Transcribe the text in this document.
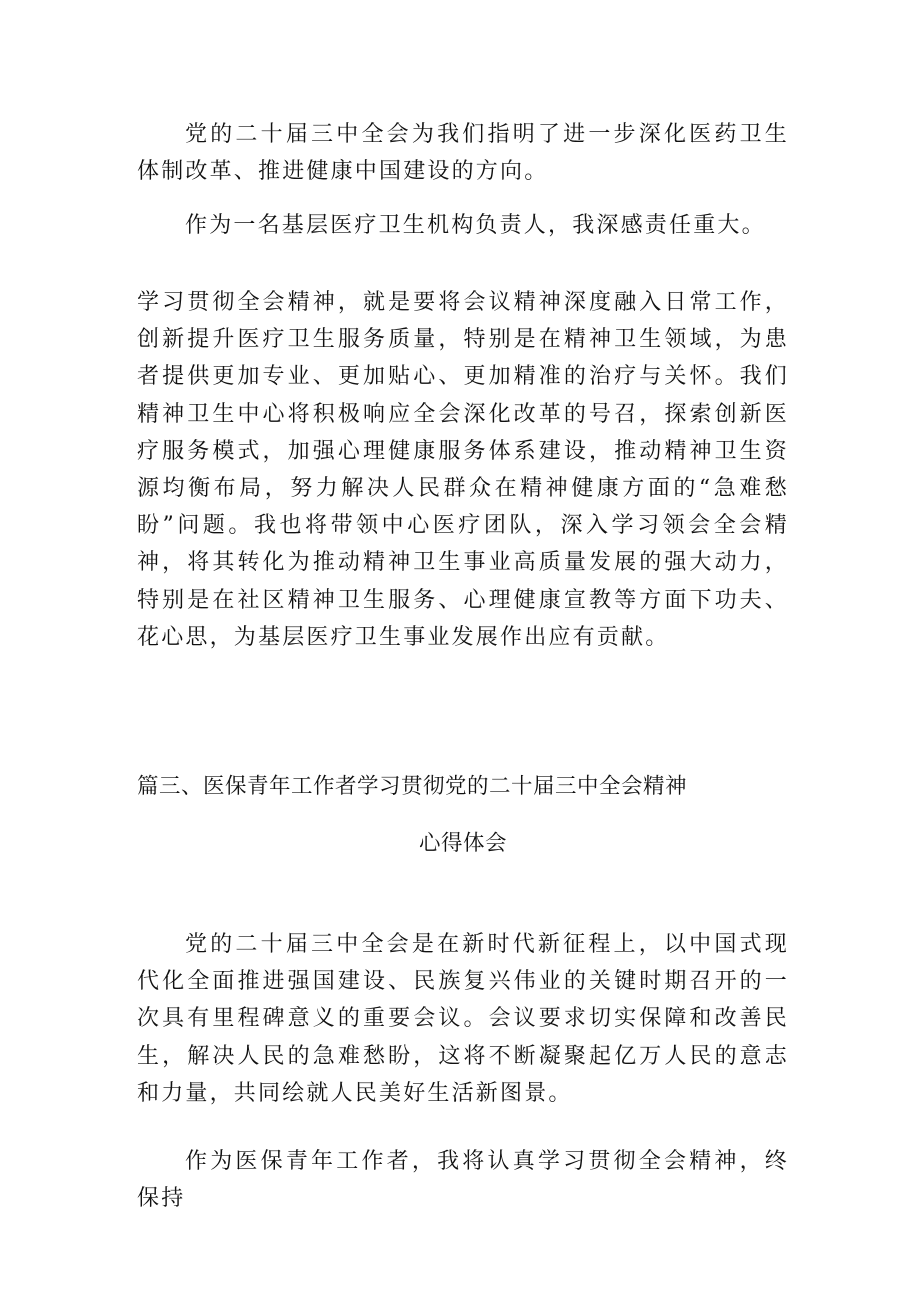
党的二十届三中全会为我们指明了进一步深化医药卫生体制改革、推进健康中国建设的方向。

作为一名基层医疗卫生机构负责人，我深感责任重大。

学习贯彻全会精神，就是要将会议精神深度融入日常工作，创新提升医疗卫生服务质量，特别是在精神卫生领域，为患者提供更加专业、更加贴心、更加精准的治疗与关怀。我们精神卫生中心将积极响应全会深化改革的号召，探索创新医疗服务模式，加强心理健康服务体系建设，推动精神卫生资源均衡布局，努力解决人民群众在精神健康方面的“急难愁盼”问题。我也将带领中心医疗团队，深入学习领会全会精神，将其转化为推动精神卫生事业高质量发展的强大动力，特别是在社区精神卫生服务、心理健康宣教等方面下功夫、花心思，为基层医疗卫生事业发展作出应有贡献。

篇三、医保青年工作者学习贯彻党的二十届三中全会精神
心得体会

党的二十届三中全会是在新时代新征程上，以中国式现代化全面推进强国建设、民族复兴伟业的关键时期召开的一次具有里程碑意义的重要会议。会议要求切实保障和改善民生，解决人民的急难愁盼，这将不断凝聚起亿万人民的意志和力量，共同绘就人民美好生活新图景。

作为医保青年工作者，我将认真学习贯彻全会精神，终保持
